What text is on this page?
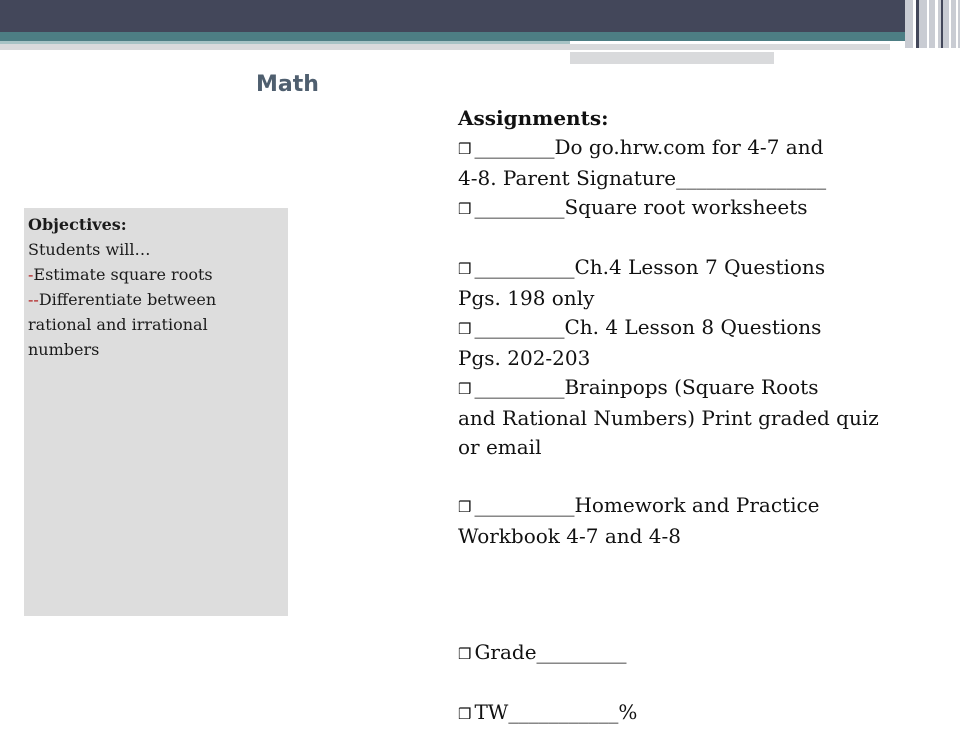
Math
Objectives:
Students will…
-Estimate square roots
--Differentiate between
rational and irrational
numbers
Assignments:
❒ ________Do go.hrw.com for 4-7 and
4-8. Parent Signature_______________
❒ _________Square root worksheets
❒ __________Ch.4 Lesson 7 Questions
Pgs. 198 only
❒ _________Ch. 4 Lesson 8 Questions
Pgs. 202-203
❒ _________Brainpops (Square Roots
and Rational Numbers) Print graded quiz
or email
❒ __________Homework and Practice
Workbook 4-7 and 4-8
❒ Grade_________
❒ TW___________%
